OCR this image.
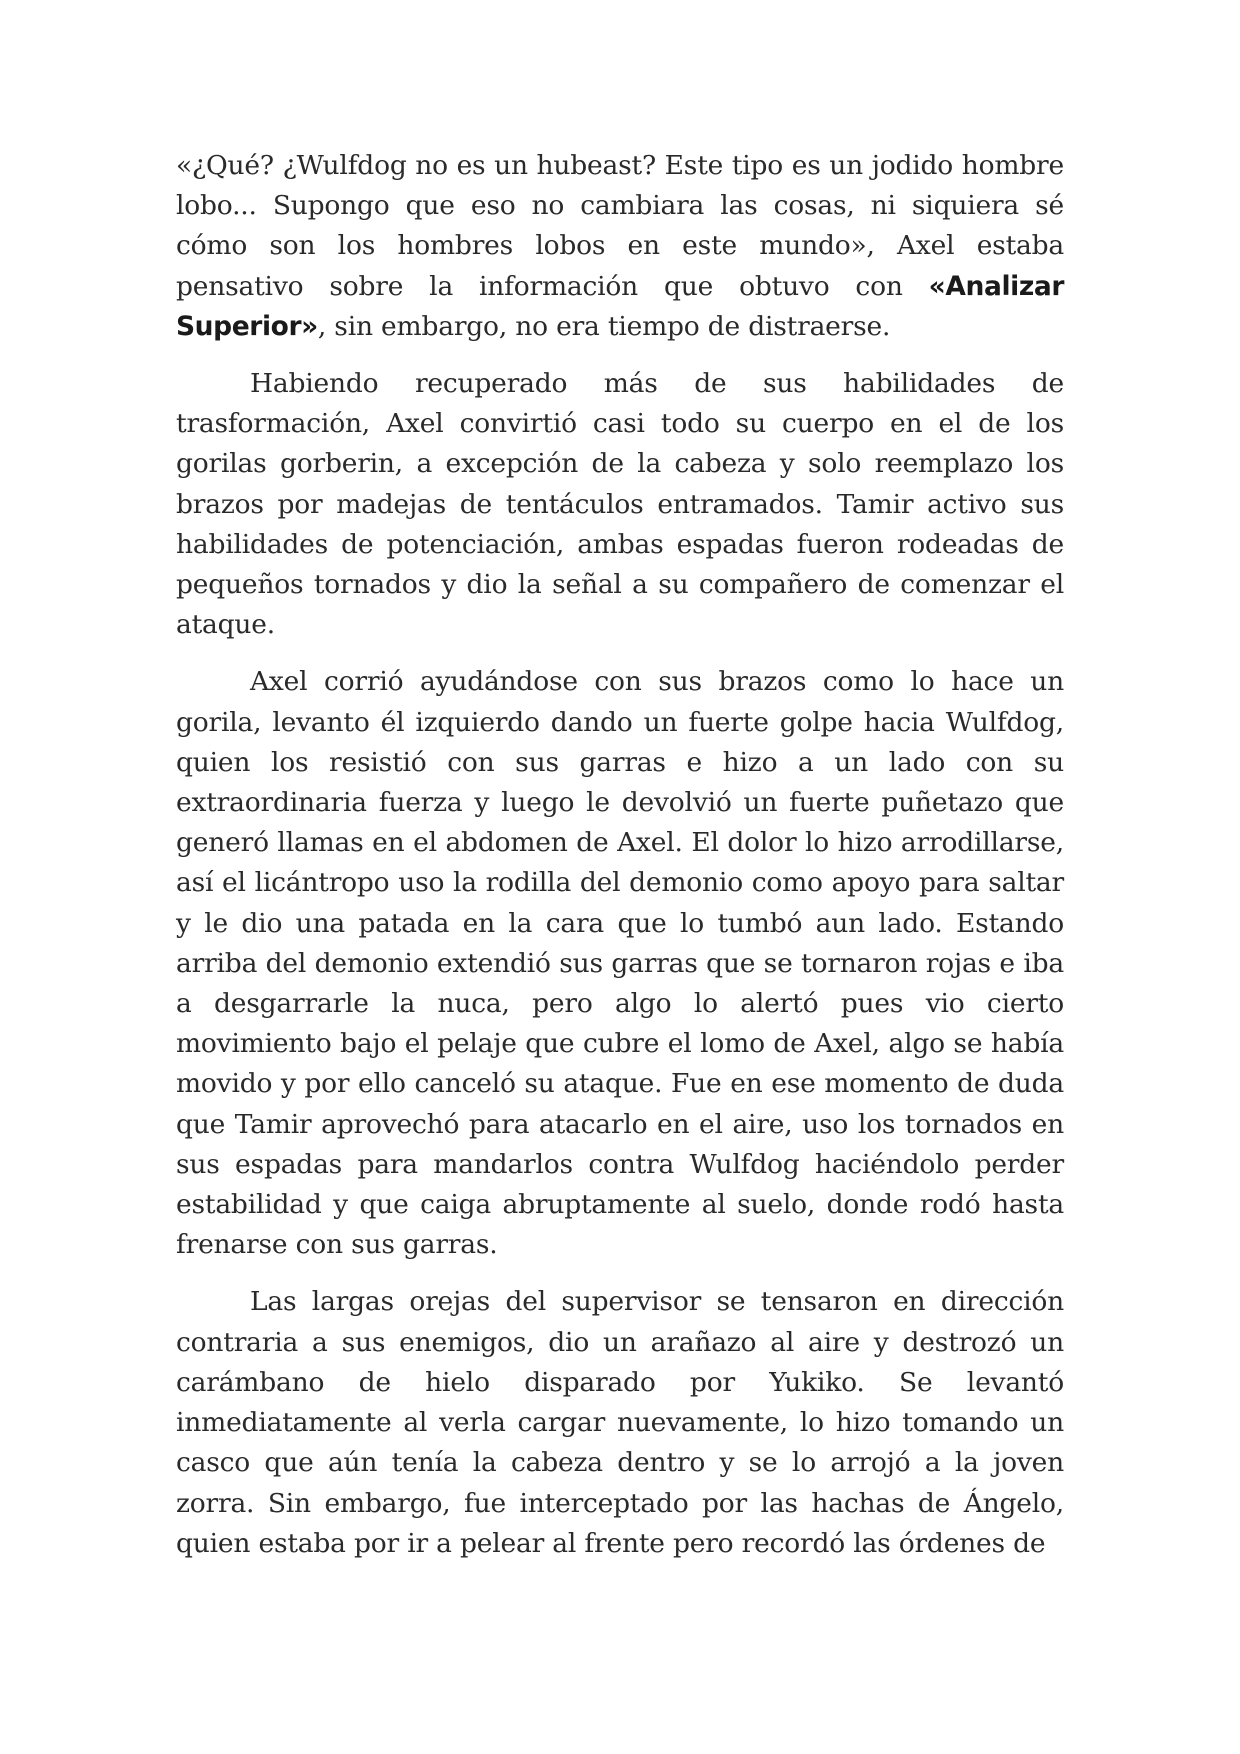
«¿Qué? ¿Wulfdog no es un hubeast? Este tipo es un jodido hombre lobo... Supongo que eso no cambiara las cosas, ni siquiera sé cómo son los hombres lobos en este mundo», Axel estaba pensativo sobre la información que obtuvo con «Analizar Superior», sin embargo, no era tiempo de distraerse.

Habiendo recuperado más de sus habilidades de trasformación, Axel convirtió casi todo su cuerpo en el de los gorilas gorberin, a excepción de la cabeza y solo reemplazo los brazos por madejas de tentáculos entramados. Tamir activo sus habilidades de potenciación, ambas espadas fueron rodeadas de pequeños tornados y dio la señal a su compañero de comenzar el ataque.

Axel corrió ayudándose con sus brazos como lo hace un gorila, levanto él izquierdo dando un fuerte golpe hacia Wulfdog, quien los resistió con sus garras e hizo a un lado con su extraordinaria fuerza y luego le devolvió un fuerte puñetazo que generó llamas en el abdomen de Axel. El dolor lo hizo arrodillarse, así el licántropo uso la rodilla del demonio como apoyo para saltar y le dio una patada en la cara que lo tumbó aun lado. Estando arriba del demonio extendió sus garras que se tornaron rojas e iba a desgarrarle la nuca, pero algo lo alertó pues vio cierto movimiento bajo el pelaje que cubre el lomo de Axel, algo se había movido y por ello canceló su ataque. Fue en ese momento de duda que Tamir aprovechó para atacarlo en el aire, uso los tornados en sus espadas para mandarlos contra Wulfdog haciéndolo perder estabilidad y que caiga abruptamente al suelo, donde rodó hasta frenarse con sus garras.

Las largas orejas del supervisor se tensaron en dirección contraria a sus enemigos, dio un arañazo al aire y destrozó un carámbano de hielo disparado por Yukiko. Se levantó inmediatamente al verla cargar nuevamente, lo hizo tomando un casco que aún tenía la cabeza dentro y se lo arrojó a la joven zorra. Sin embargo, fue interceptado por las hachas de Ángelo, quien estaba por ir a pelear al frente pero recordó las órdenes de
